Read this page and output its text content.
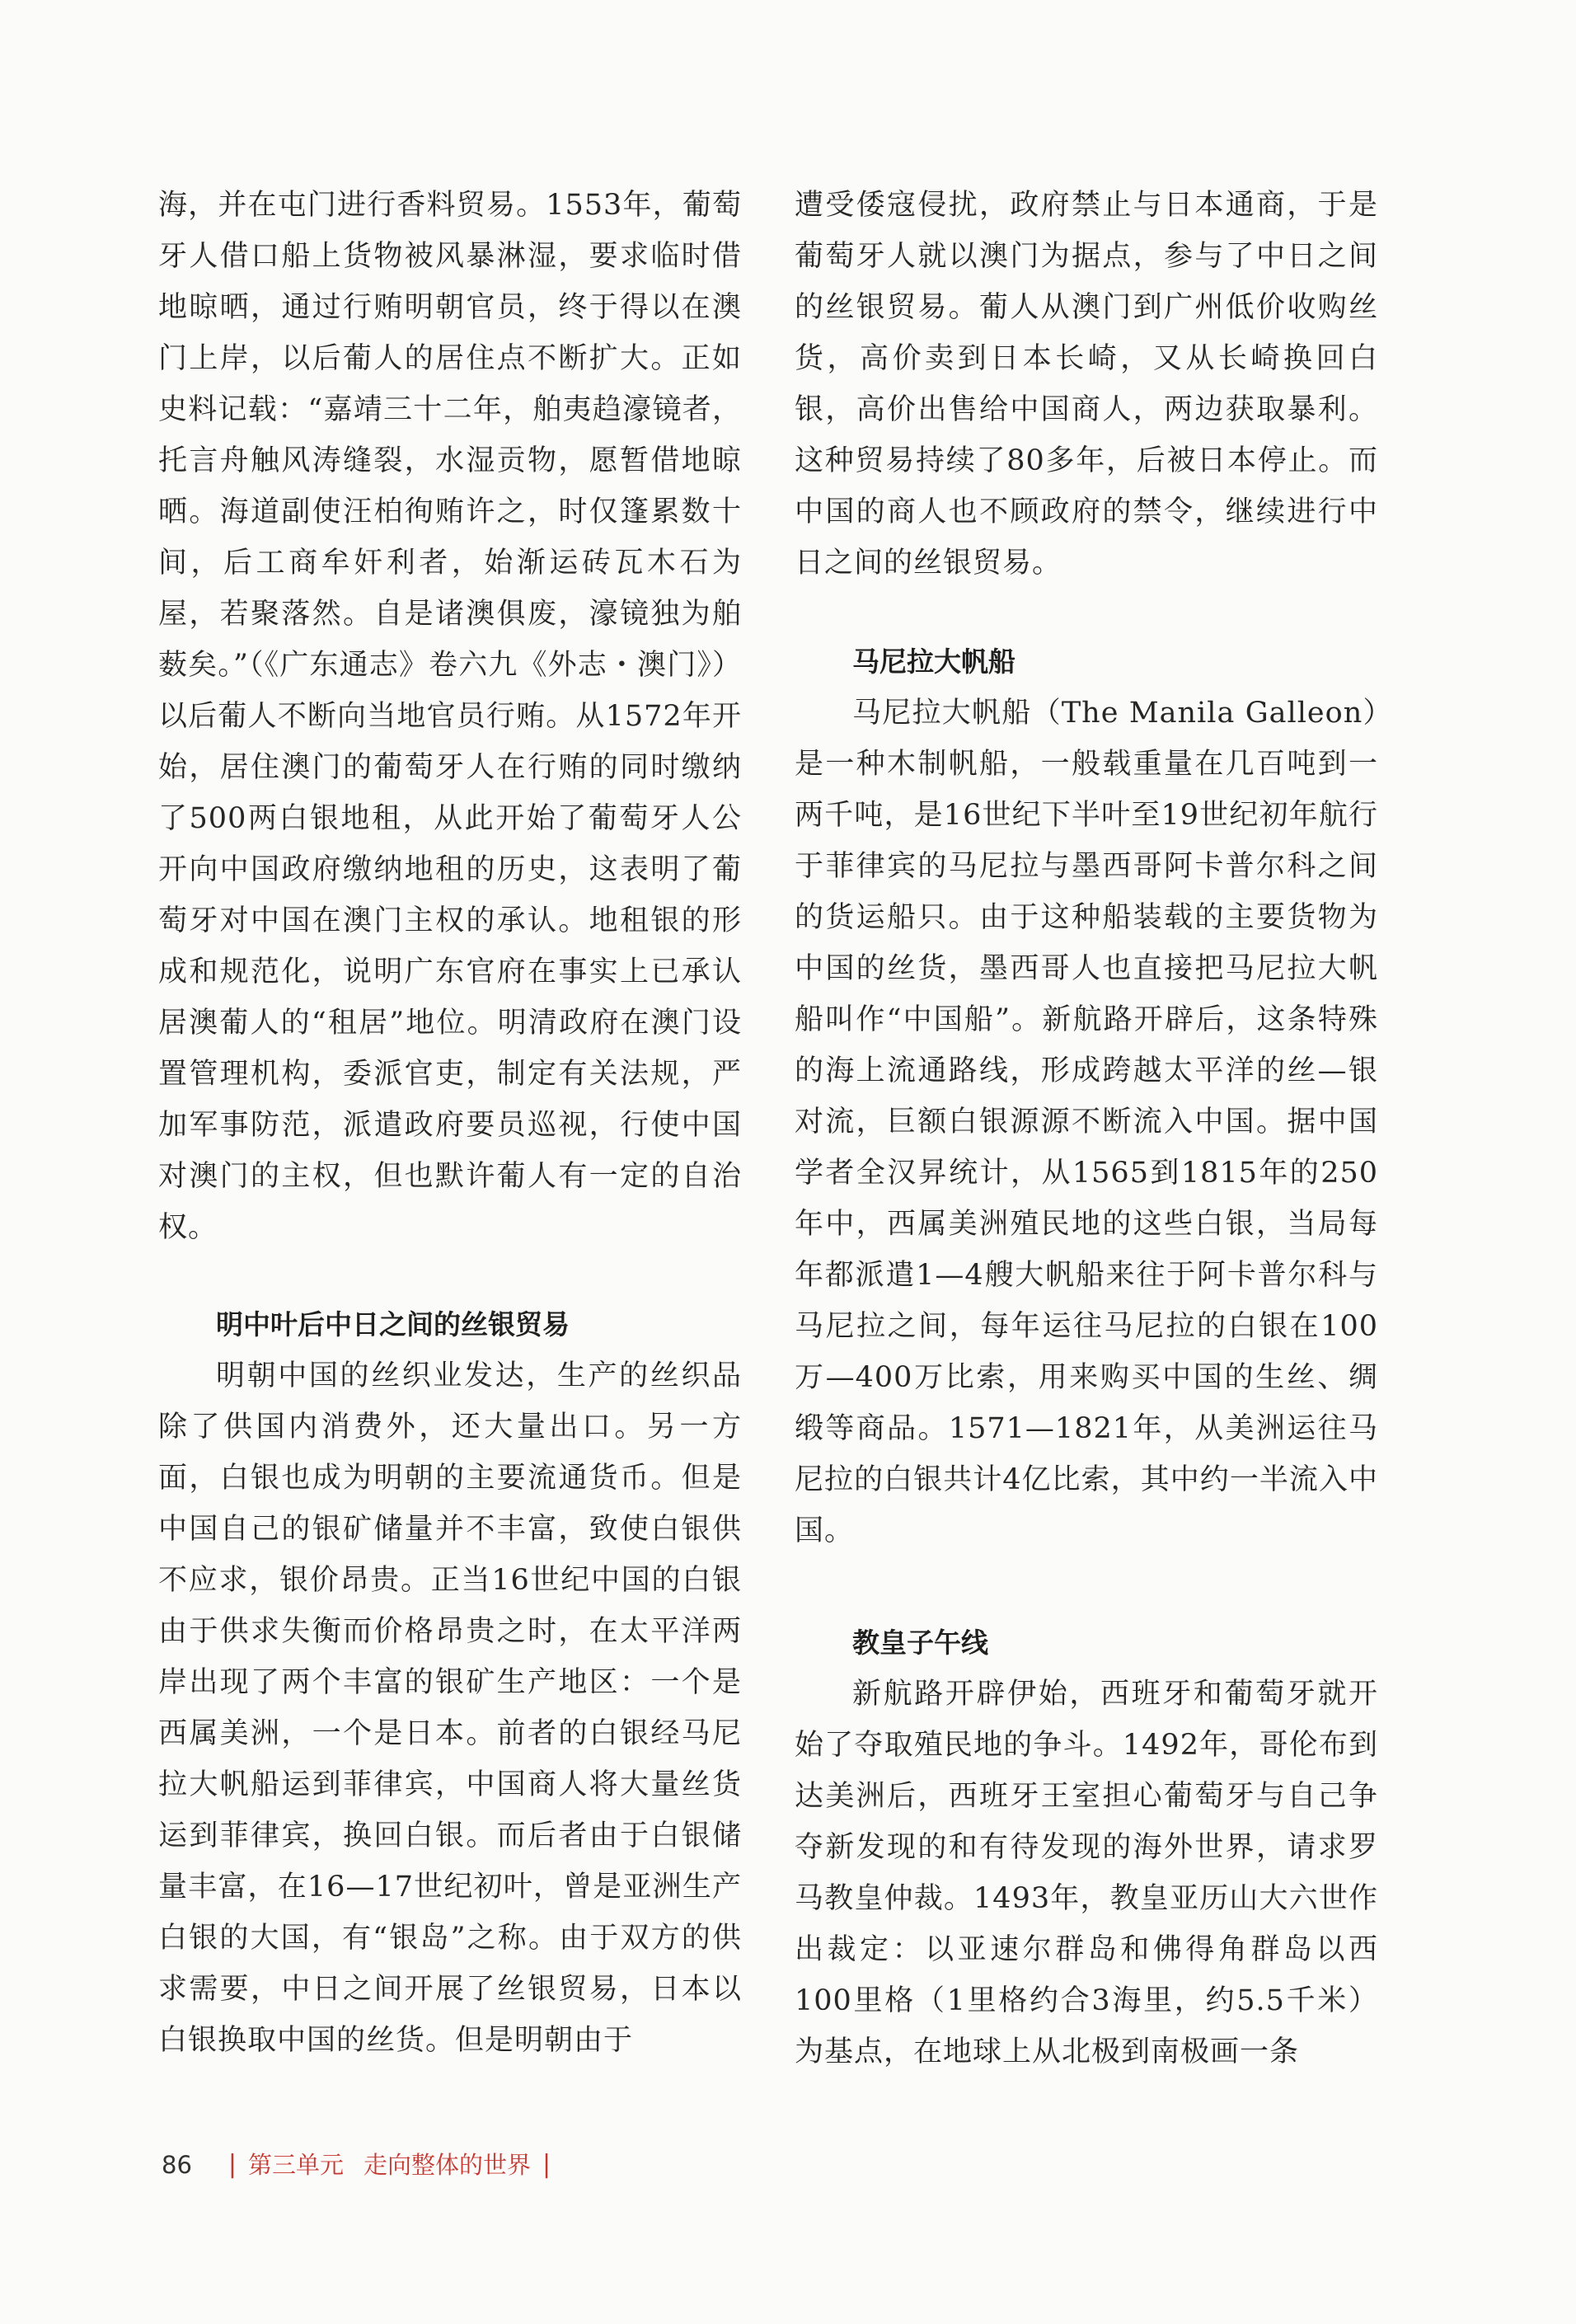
海，并在屯门进行香料贸易。1553年，葡萄牙人借口船上货物被风暴淋湿，要求临时借地晾晒，通过行贿明朝官员，终于得以在澳门上岸，以后葡人的居住点不断扩大。正如史料记载：“嘉靖三十二年，舶夷趋濠镜者，托言舟触风涛缝裂，水湿贡物，愿暂借地晾晒。海道副使汪柏徇贿许之，时仅篷累数十间，后工商牟奸利者，始渐运砖瓦木石为屋，若聚落然。自是诸澳俱废，濠镜独为舶薮矣。”（《广东通志》卷六九《外志・澳门》）以后葡人不断向当地官员行贿。从1572年开始，居住澳门的葡萄牙人在行贿的同时缴纳了500两白银地租，从此开始了葡萄牙人公开向中国政府缴纳地租的历史，这表明了葡萄牙对中国在澳门主权的承认。地租银的形成和规范化，说明广东官府在事实上已承认居澳葡人的“租居”地位。明清政府在澳门设置管理机构，委派官吏，制定有关法规，严加军事防范，派遣政府要员巡视，行使中国对澳门的主权，但也默许葡人有一定的自治权。

明中叶后中日之间的丝银贸易

明朝中国的丝织业发达，生产的丝织品除了供国内消费外，还大量出口。另一方面，白银也成为明朝的主要流通货币。但是中国自己的银矿储量并不丰富，致使白银供不应求，银价昂贵。正当16世纪中国的白银由于供求失衡而价格昂贵之时，在太平洋两岸出现了两个丰富的银矿生产地区：一个是西属美洲，一个是日本。前者的白银经马尼拉大帆船运到菲律宾，中国商人将大量丝货运到菲律宾，换回白银。而后者由于白银储量丰富，在16—17世纪初叶，曾是亚洲生产白银的大国，有“银岛”之称。由于双方的供求需要，中日之间开展了丝银贸易，日本以白银换取中国的丝货。但是明朝由于

遭受倭寇侵扰，政府禁止与日本通商，于是葡萄牙人就以澳门为据点，参与了中日之间的丝银贸易。葡人从澳门到广州低价收购丝货，高价卖到日本长崎，又从长崎换回白银，高价出售给中国商人，两边获取暴利。这种贸易持续了80多年，后被日本停止。而中国的商人也不顾政府的禁令，继续进行中日之间的丝银贸易。

马尼拉大帆船

马尼拉大帆船（The Manila Galleon）是一种木制帆船，一般载重量在几百吨到一两千吨，是16世纪下半叶至19世纪初年航行于菲律宾的马尼拉与墨西哥阿卡普尔科之间的货运船只。由于这种船装载的主要货物为中国的丝货，墨西哥人也直接把马尼拉大帆船叫作“中国船”。新航路开辟后，这条特殊的海上流通路线，形成跨越太平洋的丝—银对流，巨额白银源源不断流入中国。据中国学者全汉昇统计，从1565到1815年的250年中，西属美洲殖民地的这些白银，当局每年都派遣1—4艘大帆船来往于阿卡普尔科与马尼拉之间，每年运往马尼拉的白银在100万—400万比索，用来购买中国的生丝、绸缎等商品。1571—1821年，从美洲运往马尼拉的白银共计4亿比索，其中约一半流入中国。

教皇子午线

新航路开辟伊始，西班牙和葡萄牙就开始了夺取殖民地的争斗。1492年，哥伦布到达美洲后，西班牙王室担心葡萄牙与自己争夺新发现的和有待发现的海外世界，请求罗马教皇仲裁。1493年，教皇亚历山大六世作出裁定：以亚速尔群岛和佛得角群岛以西100里格（1里格约合3海里，约5.5千米）为基点，在地球上从北极到南极画一条

86 | 第三单元 走向整体的世界 |
